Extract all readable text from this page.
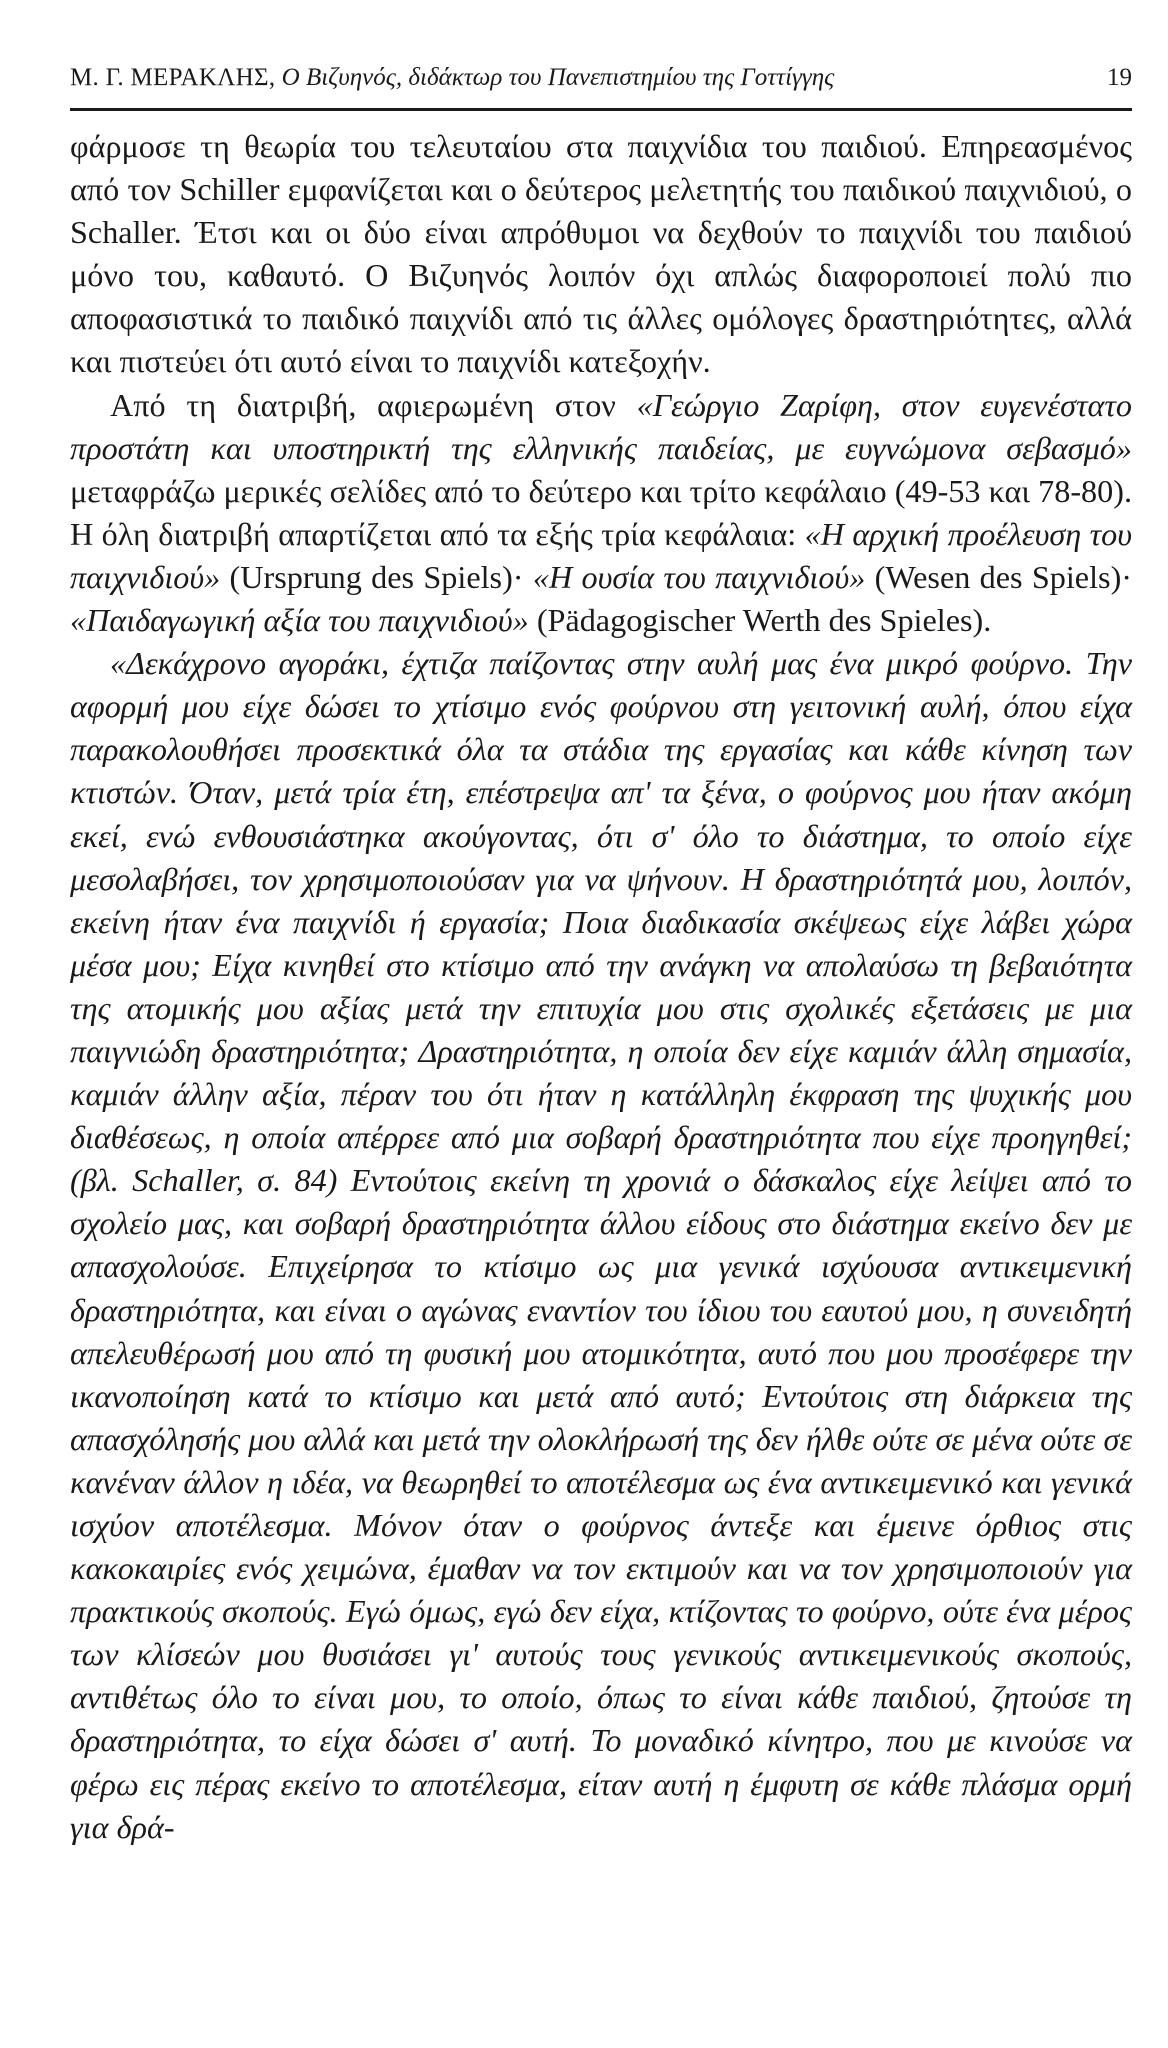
Μ. Γ. ΜΕΡΑΚΛΗΣ, Ο Βιζυηνός, διδάκτωρ του Πανεπιστημίου της Γοττίγγης	19

φάρμοσε τη θεωρία του τελευταίου στα παιχνίδια του παιδιού. Επηρεασμένος από τον Schiller εμφανίζεται και ο δεύτερος μελετητής του παιδικού παιχνιδιού, ο Schaller. Έτσι και οι δύο είναι απρόθυμοι να δεχθούν το παιχνίδι του παιδιού μόνο του, καθαυτό. Ο Βιζυηνός λοιπόν όχι απλώς διαφοροποιεί πολύ πιο αποφασιστικά το παιδικό παιχνίδι από τις άλλες ομόλογες δραστηριότητες, αλλά και πιστεύει ότι αυτό είναι το παιχνίδι κατεξοχήν.

Από τη διατριβή, αφιερωμένη στον «Γεώργιο Ζαρίφη, στον ευγενέστατο προστάτη και υποστηρικτή της ελληνικής παιδείας, με ευγνώμονα σεβασμό» μεταφράζω μερικές σελίδες από το δεύτερο και τρίτο κεφάλαιο (49-53 και 78-80). Η όλη διατριβή απαρτίζεται από τα εξής τρία κεφάλαια: «Η αρχική προέλευση του παιχνιδιού» (Ursprung des Spiels)· «Η ουσία του παιχνιδιού» (Wesen des Spiels)· «Παιδαγωγική αξία του παιχνιδιού» (Pädagogischer Werth des Spieles).

«Δεκάχρονο αγοράκι, έχτιζα παίζοντας στην αυλή μας ένα μικρό φούρνο. Την αφορμή μου είχε δώσει το χτίσιμο ενός φούρνου στη γειτονική αυλή, όπου είχα παρακολουθήσει προσεκτικά όλα τα στάδια της εργασίας και κάθε κίνηση των κτιστών. Όταν, μετά τρία έτη, επέστρεψα απ' τα ξένα, ο φούρνος μου ήταν ακόμη εκεί, ενώ ενθουσιάστηκα ακούγοντας, ότι σ' όλο το διάστημα, το οποίο είχε μεσολαβήσει, τον χρησιμοποιούσαν για να ψήνουν. Η δραστηριότητά μου, λοιπόν, εκείνη ήταν ένα παιχνίδι ή εργασία; Ποια διαδικασία σκέψεως είχε λάβει χώρα μέσα μου; Είχα κινηθεί στο κτίσιμο από την ανάγκη να απολαύσω τη βεβαιότητα της ατομικής μου αξίας μετά την επιτυχία μου στις σχολικές εξετάσεις με μια παιγνιώδη δραστηριότητα; Δραστηριότητα, η οποία δεν είχε καμιάν άλλη σημασία, καμιάν άλλην αξία, πέραν του ότι ήταν η κατάλληλη έκφραση της ψυχικής μου διαθέσεως, η οποία απέρρεε από μια σοβαρή δραστηριότητα που είχε προηγηθεί; (βλ. Schaller, σ. 84) Εντούτοις εκείνη τη χρονιά ο δάσκαλος είχε λείψει από το σχολείο μας, και σοβαρή δραστηριότητα άλλου είδους στο διάστημα εκείνο δεν με απασχολούσε. Επιχείρησα το κτίσιμο ως μια γενικά ισχύουσα αντικειμενική δραστηριότητα, και είναι ο αγώνας εναντίον του ίδιου του εαυτού μου, η συνειδητή απελευθέρωσή μου από τη φυσική μου ατομικότητα, αυτό που μου προσέφερε την ικανοποίηση κατά το κτίσιμο και μετά από αυτό; Εντούτοις στη διάρκεια της απασχόλησής μου αλλά και μετά την ολοκλήρωσή της δεν ήλθε ούτε σε μένα ούτε σε κανέναν άλλον η ιδέα, να θεωρηθεί το αποτέλεσμα ως ένα αντικειμενικό και γενικά ισχύον αποτέλεσμα. Μόνον όταν ο φούρνος άντεξε και έμεινε όρθιος στις κακοκαιρίες ενός χειμώνα, έμαθαν να τον εκτιμούν και να τον χρησιμοποιούν για πρακτικούς σκοπούς. Εγώ όμως, εγώ δεν είχα, κτίζοντας το φούρνο, ούτε ένα μέρος των κλίσεών μου θυσιάσει γι' αυτούς τους γενικούς αντικειμενικούς σκοπούς, αντιθέτως όλο το είναι μου, το οποίο, όπως το είναι κάθε παιδιού, ζητούσε τη δραστηριότητα, το είχα δώσει σ' αυτή. Το μοναδικό κίνητρο, που με κινούσε να φέρω εις πέρας εκείνο το αποτέλεσμα, είταν αυτή η έμφυτη σε κάθε πλάσμα ορμή για δρά-
